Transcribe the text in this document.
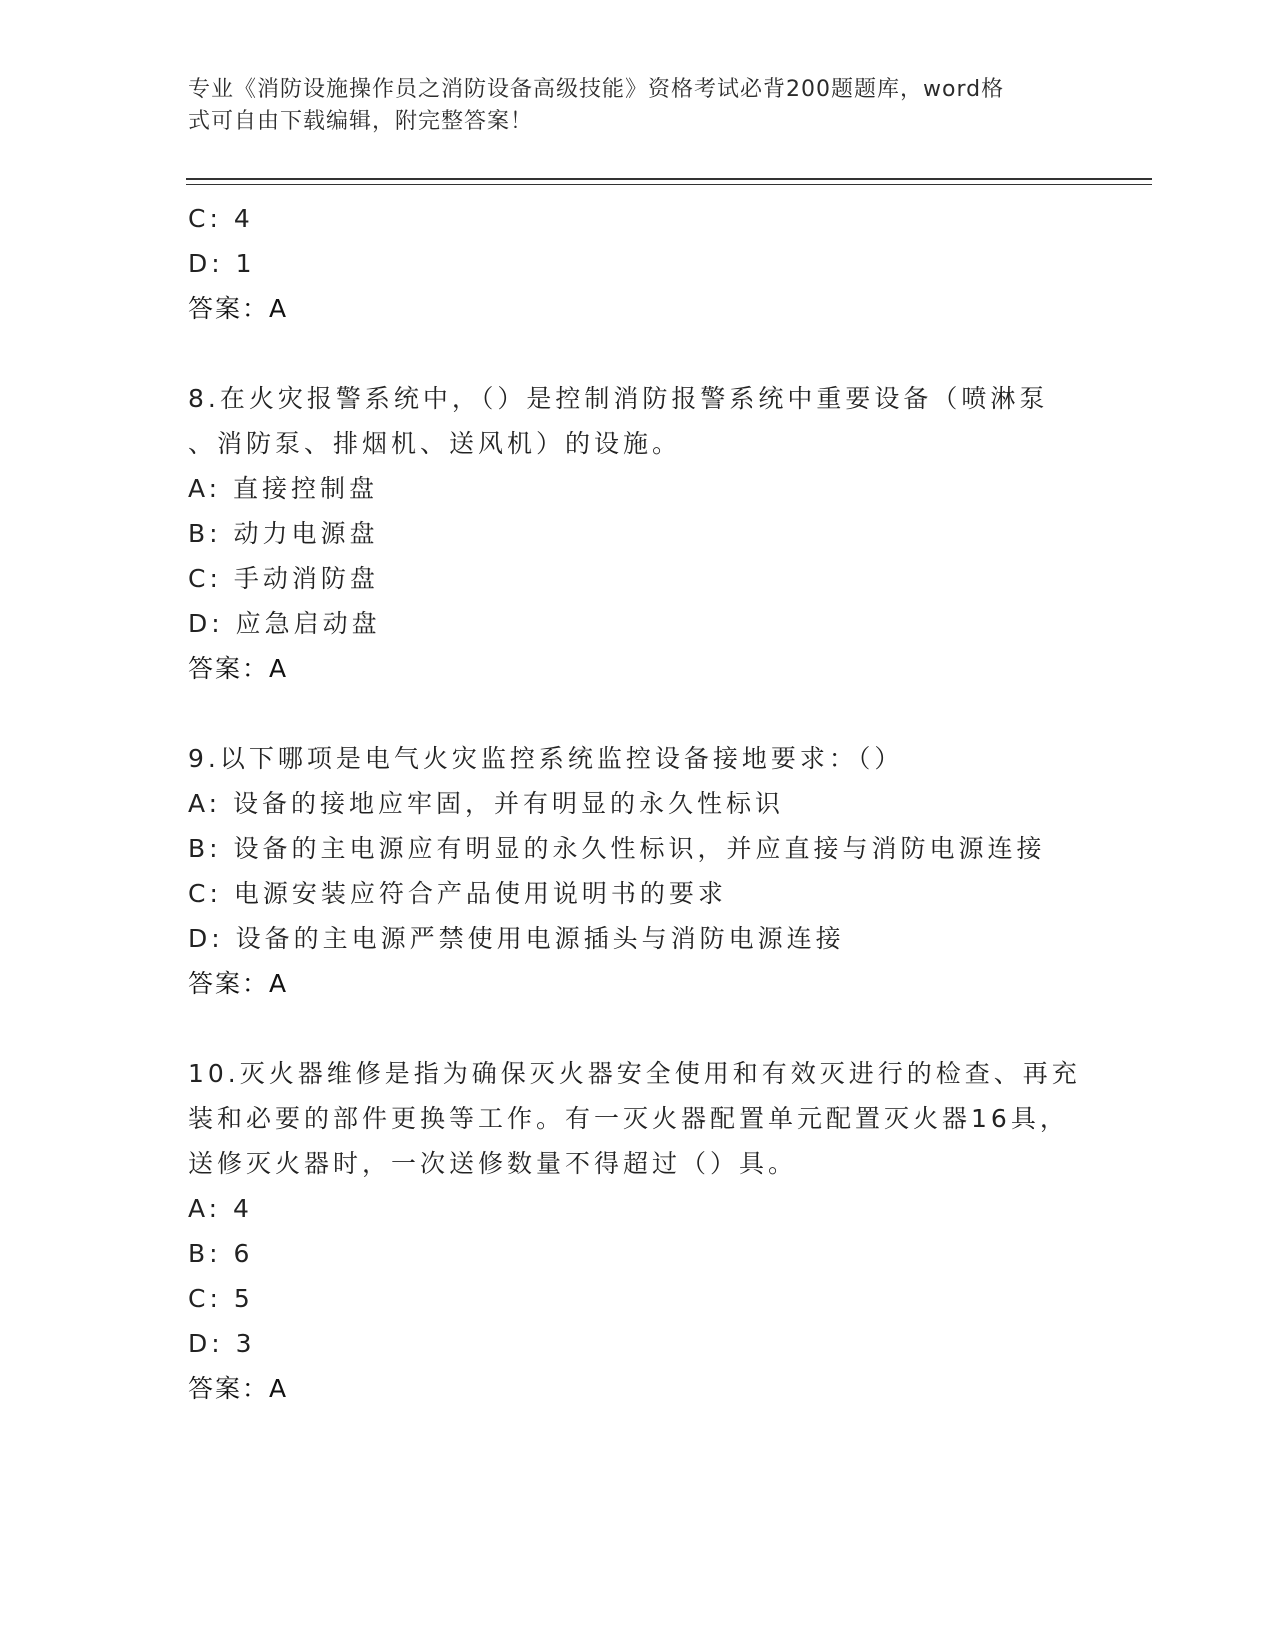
专业《消防设施操作员之消防设备高级技能》资格考试必背200题题库，word格
式可自由下载编辑，附完整答案！
C: 4
D: 1
答案：A
8.在火灾报警系统中，（）是控制消防报警系统中重要设备（喷淋泵
、消防泵、排烟机、送风机）的设施。
A: 直接控制盘
B: 动力电源盘
C: 手动消防盘
D: 应急启动盘
答案：A
9.以下哪项是电气火灾监控系统监控设备接地要求：（）
A: 设备的接地应牢固，并有明显的永久性标识
B: 设备的主电源应有明显的永久性标识，并应直接与消防电源连接
C: 电源安装应符合产品使用说明书的要求
D: 设备的主电源严禁使用电源插头与消防电源连接
答案：A
10.灭火器维修是指为确保灭火器安全使用和有效灭进行的检查、再充
装和必要的部件更换等工作。有一灭火器配置单元配置灭火器16具，
送修灭火器时，一次送修数量不得超过（）具。
A: 4
B: 6
C: 5
D: 3
答案：A
